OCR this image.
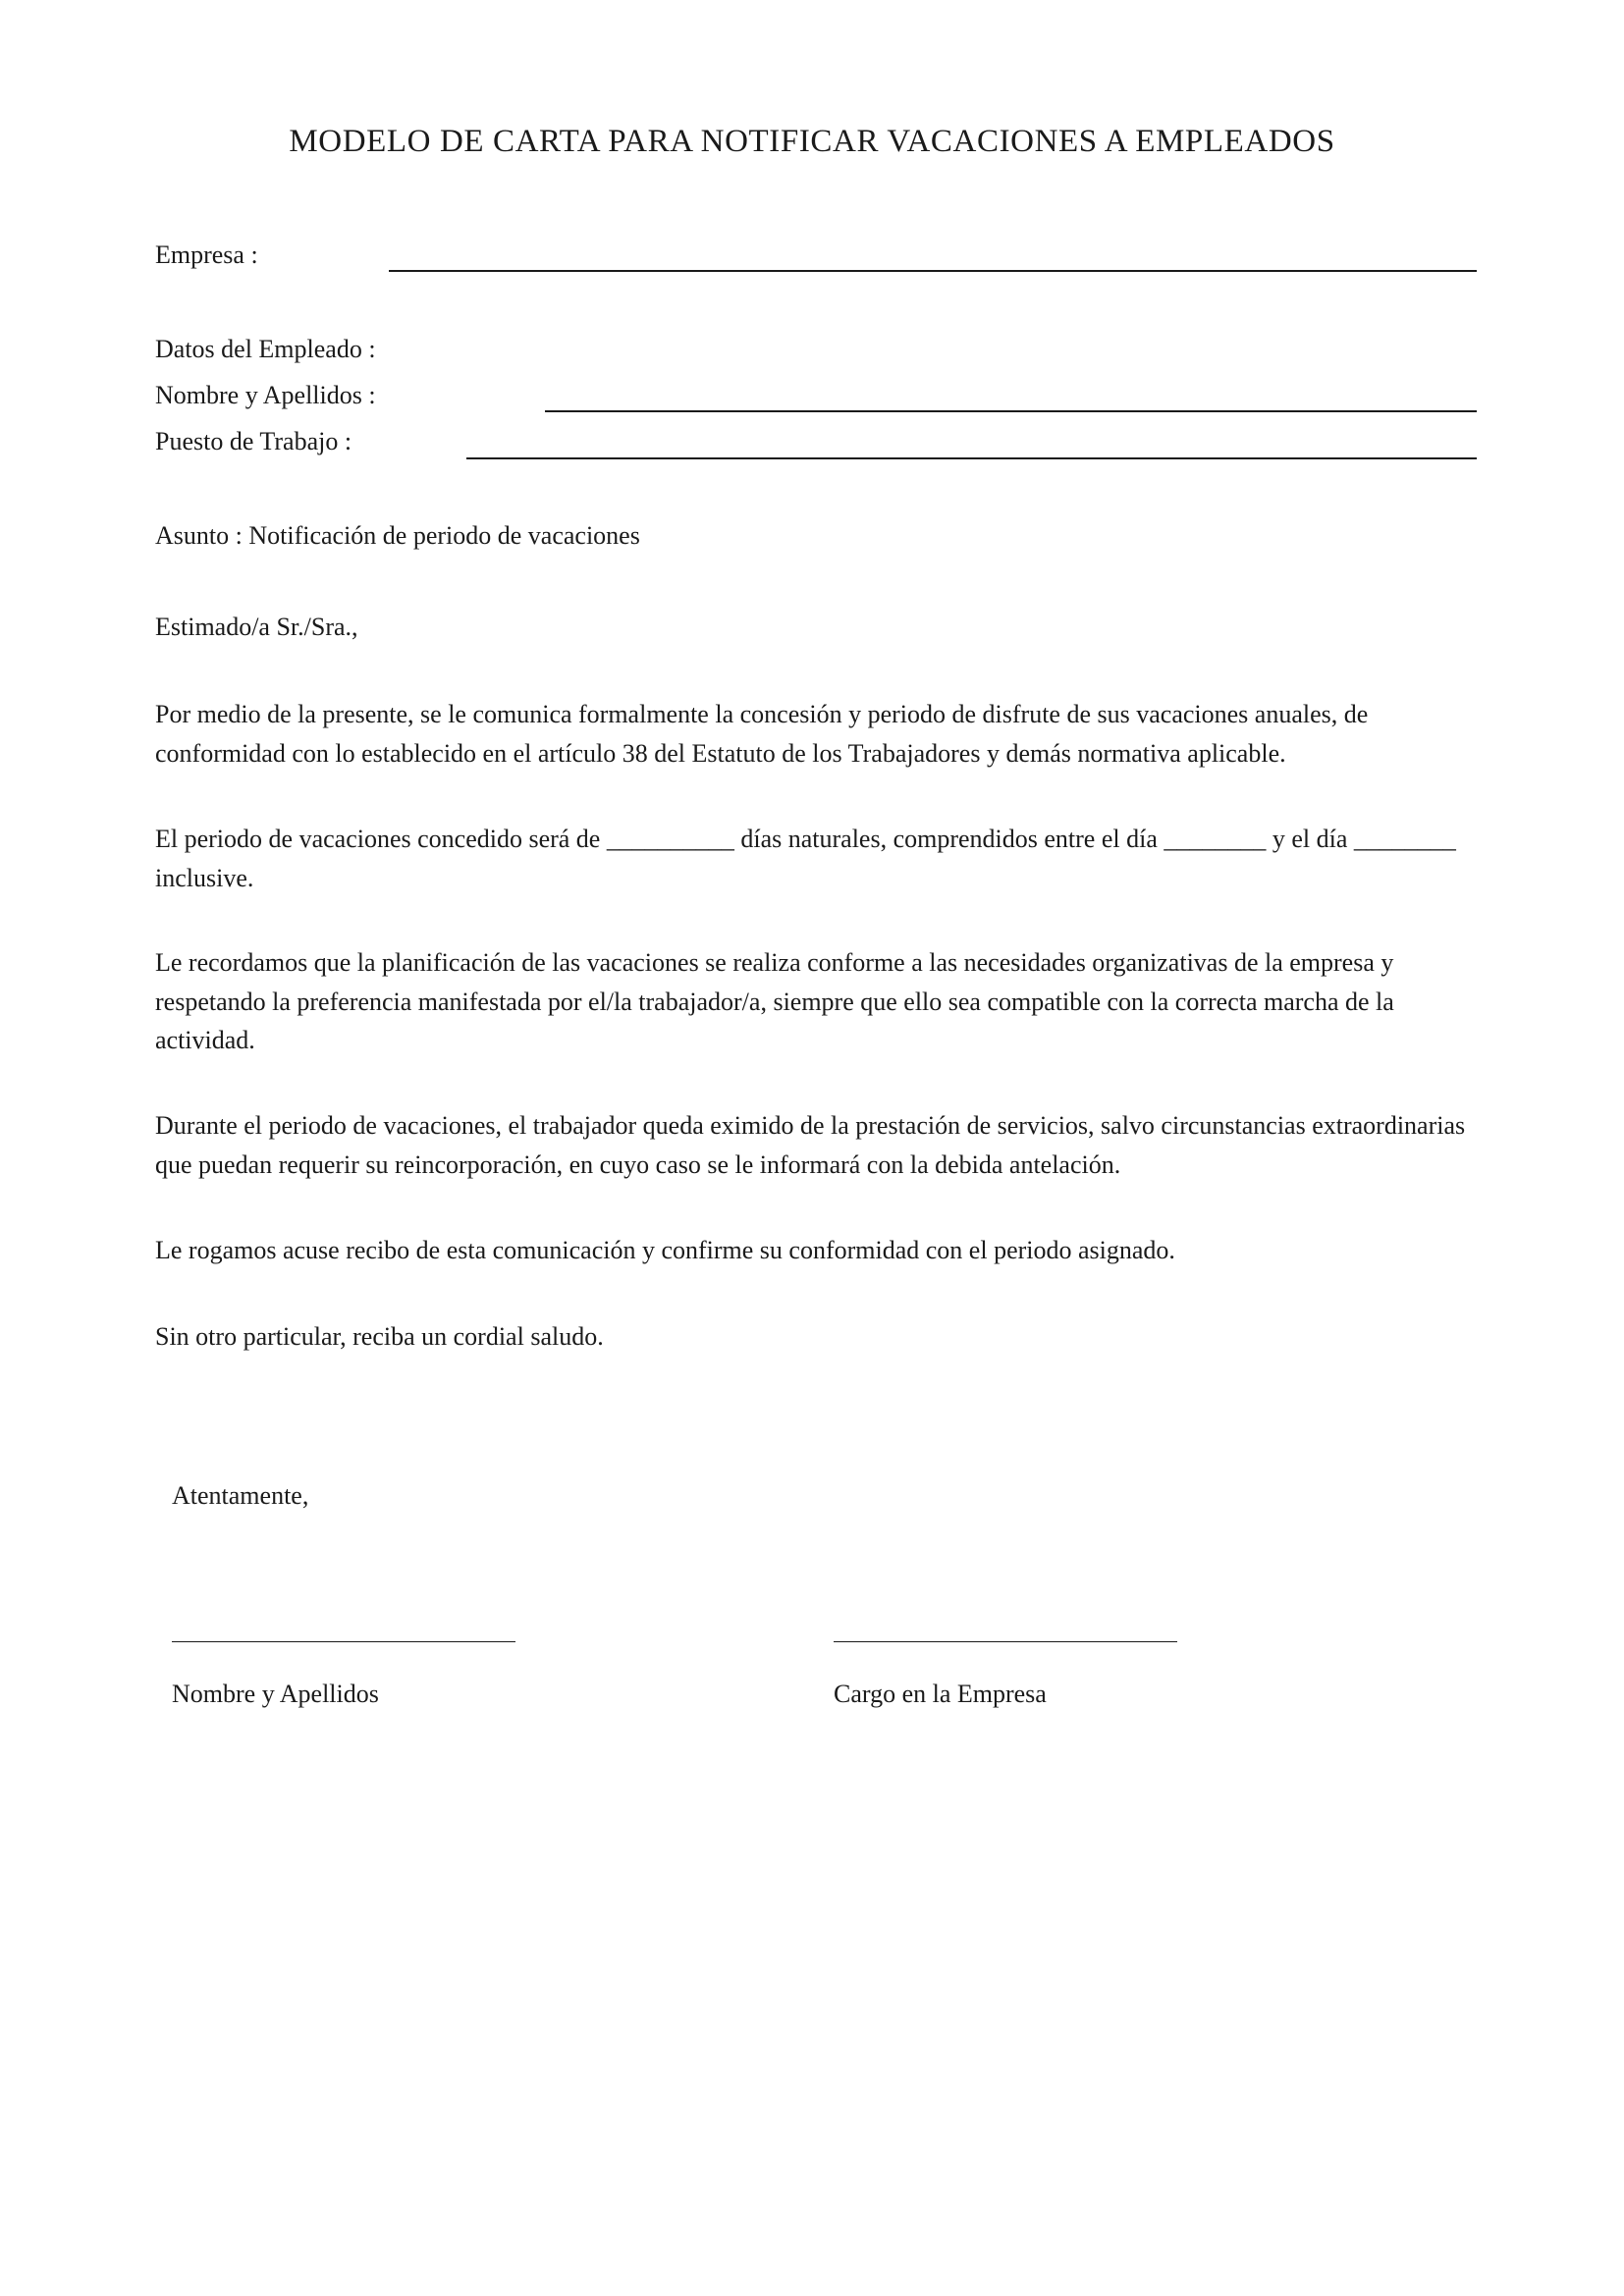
MODELO DE CARTA PARA NOTIFICAR VACACIONES A EMPLEADOS
Empresa :
Datos del Empleado :
Nombre y Apellidos :
Puesto de Trabajo :
Asunto : Notificación de periodo de vacaciones
Estimado/a Sr./Sra.,
Por medio de la presente, se le comunica formalmente la concesión y periodo de disfrute de sus vacaciones anuales, de conformidad con lo establecido en el artículo 38 del Estatuto de los Trabajadores y demás normativa aplicable.
El periodo de vacaciones concedido será de __________ días naturales, comprendidos entre el día ________ y el día ________ inclusive.
Le recordamos que la planificación de las vacaciones se realiza conforme a las necesidades organizativas de la empresa y respetando la preferencia manifestada por el/la trabajador/a, siempre que ello sea compatible con la correcta marcha de la actividad.
Durante el periodo de vacaciones, el trabajador queda eximido de la prestación de servicios, salvo circunstancias extraordinarias que puedan requerir su reincorporación, en cuyo caso se le informará con la debida antelación.
Le rogamos acuse recibo de esta comunicación y confirme su conformidad con el periodo asignado.
Sin otro particular, reciba un cordial saludo.
Atentamente,
Nombre y Apellidos	Cargo en la Empresa
